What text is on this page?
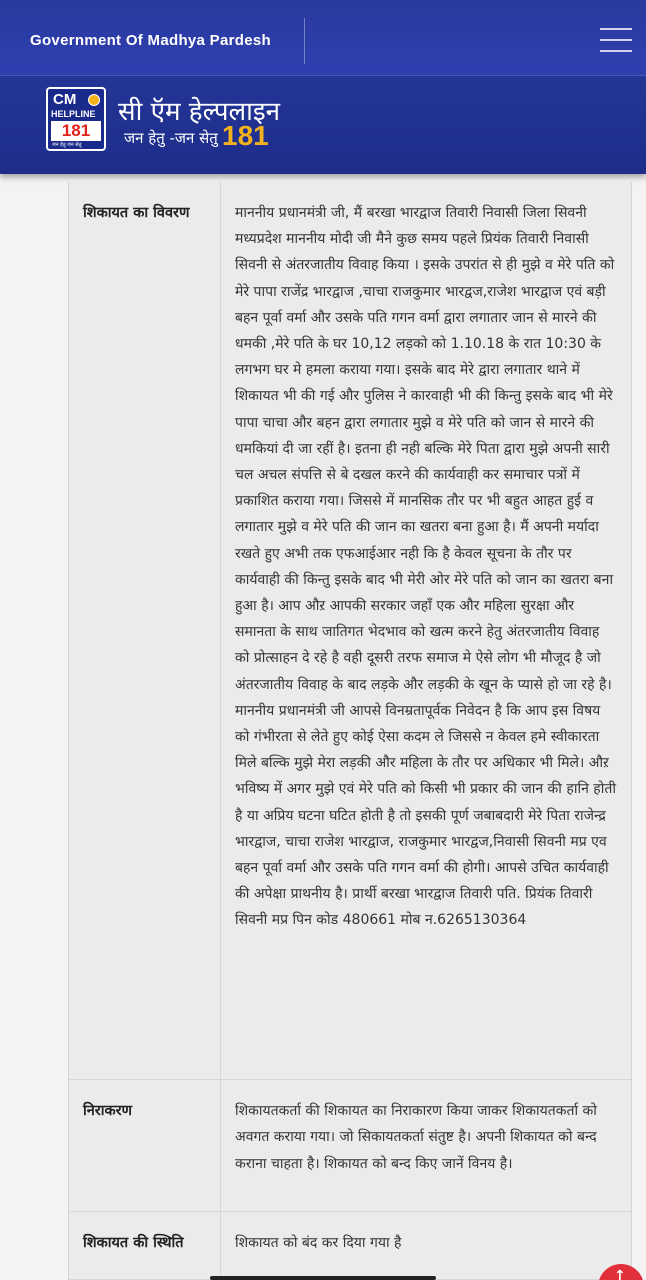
Government Of Madhya Pardesh
CM
HELPLINE
181
जन हेतु जन सेतु
सी ऍम हेल्पलाइन
जन हेतु -जन सेतु 181
शिकायत का विवरण	माननीय प्रधानमंत्री जी, मैं बरखा भारद्वाज तिवारी निवासी जिला सिवनी मध्यप्रदेश माननीय मोदी जी मैने कुछ समय पहले प्रियंक तिवारी निवासी सिवनी से अंतरजातीय विवाह किया । इसके उपरांत से ही मुझे व मेरे पति को मेरे पापा राजेंद्र भारद्वाज ,चाचा राजकुमार भारद्वज,राजेश भारद्वाज एवं बड़ी बहन पूर्वा वर्मा और उसके पति गगन वर्मा द्वारा लगातार जान से मारने की धमकी ,मेरे पति के घर 10,12 लड़को को 1.10.18 के रात 10:30 के लगभग घर मे हमला कराया गया। इसके बाद मेरे द्वारा लगातार थाने में शिकायत भी की गई और पुलिस ने कारवाही भी की किन्तु इसके बाद भी मेरे पापा चाचा और बहन द्वारा लगातार मुझे व मेरे पति को जान से मारने की धमकियां दी जा रहीं है। इतना ही नही बल्कि मेरे पिता द्वारा मुझे अपनी सारी चल अचल संपत्ति से बे दखल करने की कार्यवाही कर समाचार पत्रों में प्रकाशित कराया गया। जिससे में मानसिक तौर पर भी बहुत आहत हुई व लगातार मुझे व मेरे पति की जान का खतरा बना हुआ है। मैं अपनी मर्यादा रखते हुए अभी तक एफआईआर नही कि है केवल सूचना के तौर पर कार्यवाही की किन्तु इसके बाद भी मेरी ओर मेरे पति को जान का खतरा बना हुआ है। आप औऱ आपकी सरकार जहाँ एक और महिला सुरक्षा और समानता के साथ जातिगत भेदभाव को खत्म करने हेतु अंतरजातीय विवाह को प्रोत्साहन दे रहे है वही दूसरी तरफ समाज मे ऐसे लोग भी मौजूद है जो अंतरजातीय विवाह के बाद लड़के और लड़की के खून के प्यासे हो जा रहे है। माननीय प्रधानमंत्री जी आपसे विनम्रतापूर्वक निवेदन है कि आप इस विषय को गंभीरता से लेते हुए कोई ऐसा कदम ले जिससे न केवल हमे स्वीकारता मिले बल्कि मुझे मेरा लड़की और महिला के तौर पर अधिकार भी मिले। औऱ भविष्य में अगर मुझे एवं मेरे पति को किसी भी प्रकार की जान की हानि होती है या अप्रिय घटना घटित होती है तो इसकी पूर्ण जबाबदारी मेरे पिता राजेन्द्र भारद्वाज, चाचा राजेश भारद्वाज, राजकुमार भारद्वज,निवासी सिवनी मप्र एव बहन पूर्वा वर्मा और उसके पति गगन वर्मा की होगी। आपसे उचित कार्यवाही की अपेक्षा प्राथनीय है। प्रार्थी बरखा भारद्वाज तिवारी पति. प्रियंक तिवारी सिवनी मप्र पिन कोड 480661 मोब न.6265130364
निराकरण	शिकायतकर्ता की शिकायत का निराकारण किया जाकर शिकायतकर्ता को अवगत कराया गया। जो सिकायतकर्ता संतुष्ट है। अपनी शिकायत को बन्द कराना चाहता है। शिकायत को बन्द किए जानें विनय है।
शिकायत की स्थिति	शिकायत को बंद कर दिया गया है
↑
